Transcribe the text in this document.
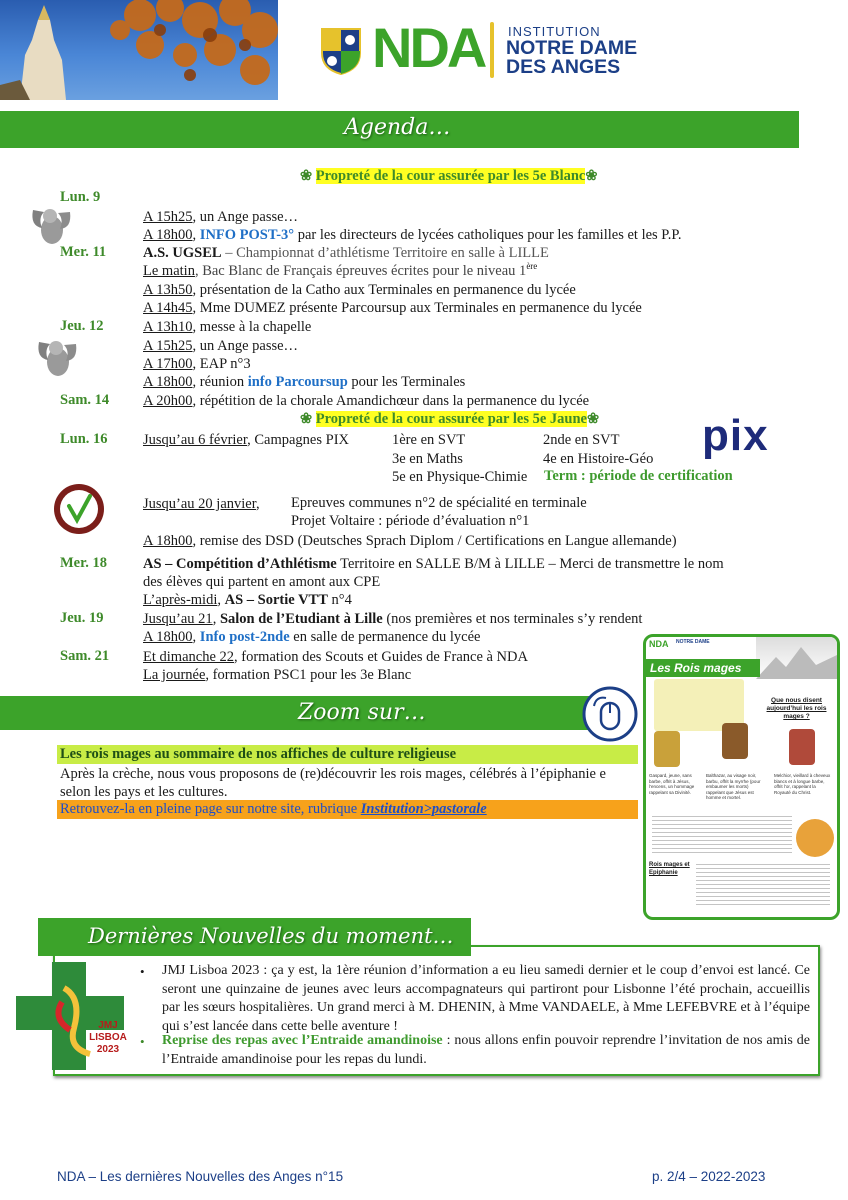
NDA INSTITUTION
NOTRE DAME
DES ANGES
Agenda…
❀ Propreté de la cour assurée par les 5e Blanc❀
Lun. 9
Mer. 11
Jeu. 12
Sam. 14
Lun. 16
Mer. 18
Jeu. 19
Sam. 21
A 15h25, un Ange passe…
A 18h00, INFO POST-3° par les directeurs de lycées catholiques pour les familles et les P.P.
A.S. UGSEL – Championnat d’athlétisme Territoire en salle à LILLE
Le matin, Bac Blanc de Français épreuves écrites pour le niveau 1ère
A 13h50, présentation de la Catho aux Terminales en permanence du lycée
A 14h45, Mme DUMEZ présente Parcoursup aux Terminales en permanence du lycée
A 13h10, messe à la chapelle
A 15h25, un Ange passe…
A 17h00, EAP n°3
A 18h00, réunion info Parcoursup pour les Terminales
A 20h00, répétition de la chorale Amandichœur dans la permanence du lycée
❀ Propreté de la cour assurée par les 5e Jaune❀
Jusqu’au 6 février, Campagnes PIX	1ère en SVT
3e en Maths
5e en Physique-Chimie
2nde en SVT
4e en Histoire-Géo
Term : période de certification
pix
Jusqu’au 20 janvier, Epreuves communes n°2 de spécialité en terminale
Projet Voltaire : période d’évaluation n°1
A 18h00, remise des DSD (Deutsches Sprach Diplom / Certifications en Langue allemande)
AS – Compétition d’Athlétisme Territoire en SALLE B/M à LILLE – Merci de transmettre le nom
des élèves qui partent en amont aux CPE
L’après-midi, AS – Sortie VTT n°4
Jusqu’au 21, Salon de l’Etudiant à Lille (nos premières et nos terminales s’y rendent
A 18h00, Info post-2nde en salle de permanence du lycée
Et dimanche 22, formation des Scouts et Guides de France à NDA
La journée, formation PSC1 pour les 3e Blanc
Zoom sur…
Les rois mages au sommaire de nos affiches de culture religieuse
Après la crèche, nous vous proposons de (re)découvrir les rois mages, célébrés à l’épiphanie e
selon les pays et les cultures.
Retrouvez-la en pleine page sur notre site, rubrique Institution>pastorale
NDA NOTRE DAME
Les Rois mages
Que nous disent aujourd’hui les rois mages ?
Gaspard, jeune, sans barbe, offrit à Jésus, l’encens, un hommage rappelant sa Divinité.
Balthazar, au visage noir, barbu, offrit la myrrhe (pour embaumer les morts) rappelant que Jésus est homme et mortel.
Melchior, vieillard à cheveux blancs et à longue barbe, offrit l’or, rappelant la Royauté du Christ.
Rois mages et Epiphanie
Dernières Nouvelles du moment…
JMJ LISBOA 2023
• JMJ Lisboa 2023 : ça y est, la 1ère réunion d’information a eu lieu samedi dernier et le coup d’envoi est lancé. Ce seront une quinzaine de jeunes avec leurs accompagnateurs qui partiront pour Lisbonne l’été prochain, accueillis par les sœurs hospitalières. Un grand merci à M. DHENIN, à Mme VANDAELE, à Mme LEFEBVRE et à l’équipe qui s’est lancée dans cette belle aventure !
• Reprise des repas avec l’Entraide amandinoise : nous allons enfin pouvoir reprendre l’invitation de nos amis de l’Entraide amandinoise pour les repas du lundi.
NDA – Les dernières Nouvelles des Anges n°15	p. 2/4 – 2022-2023
